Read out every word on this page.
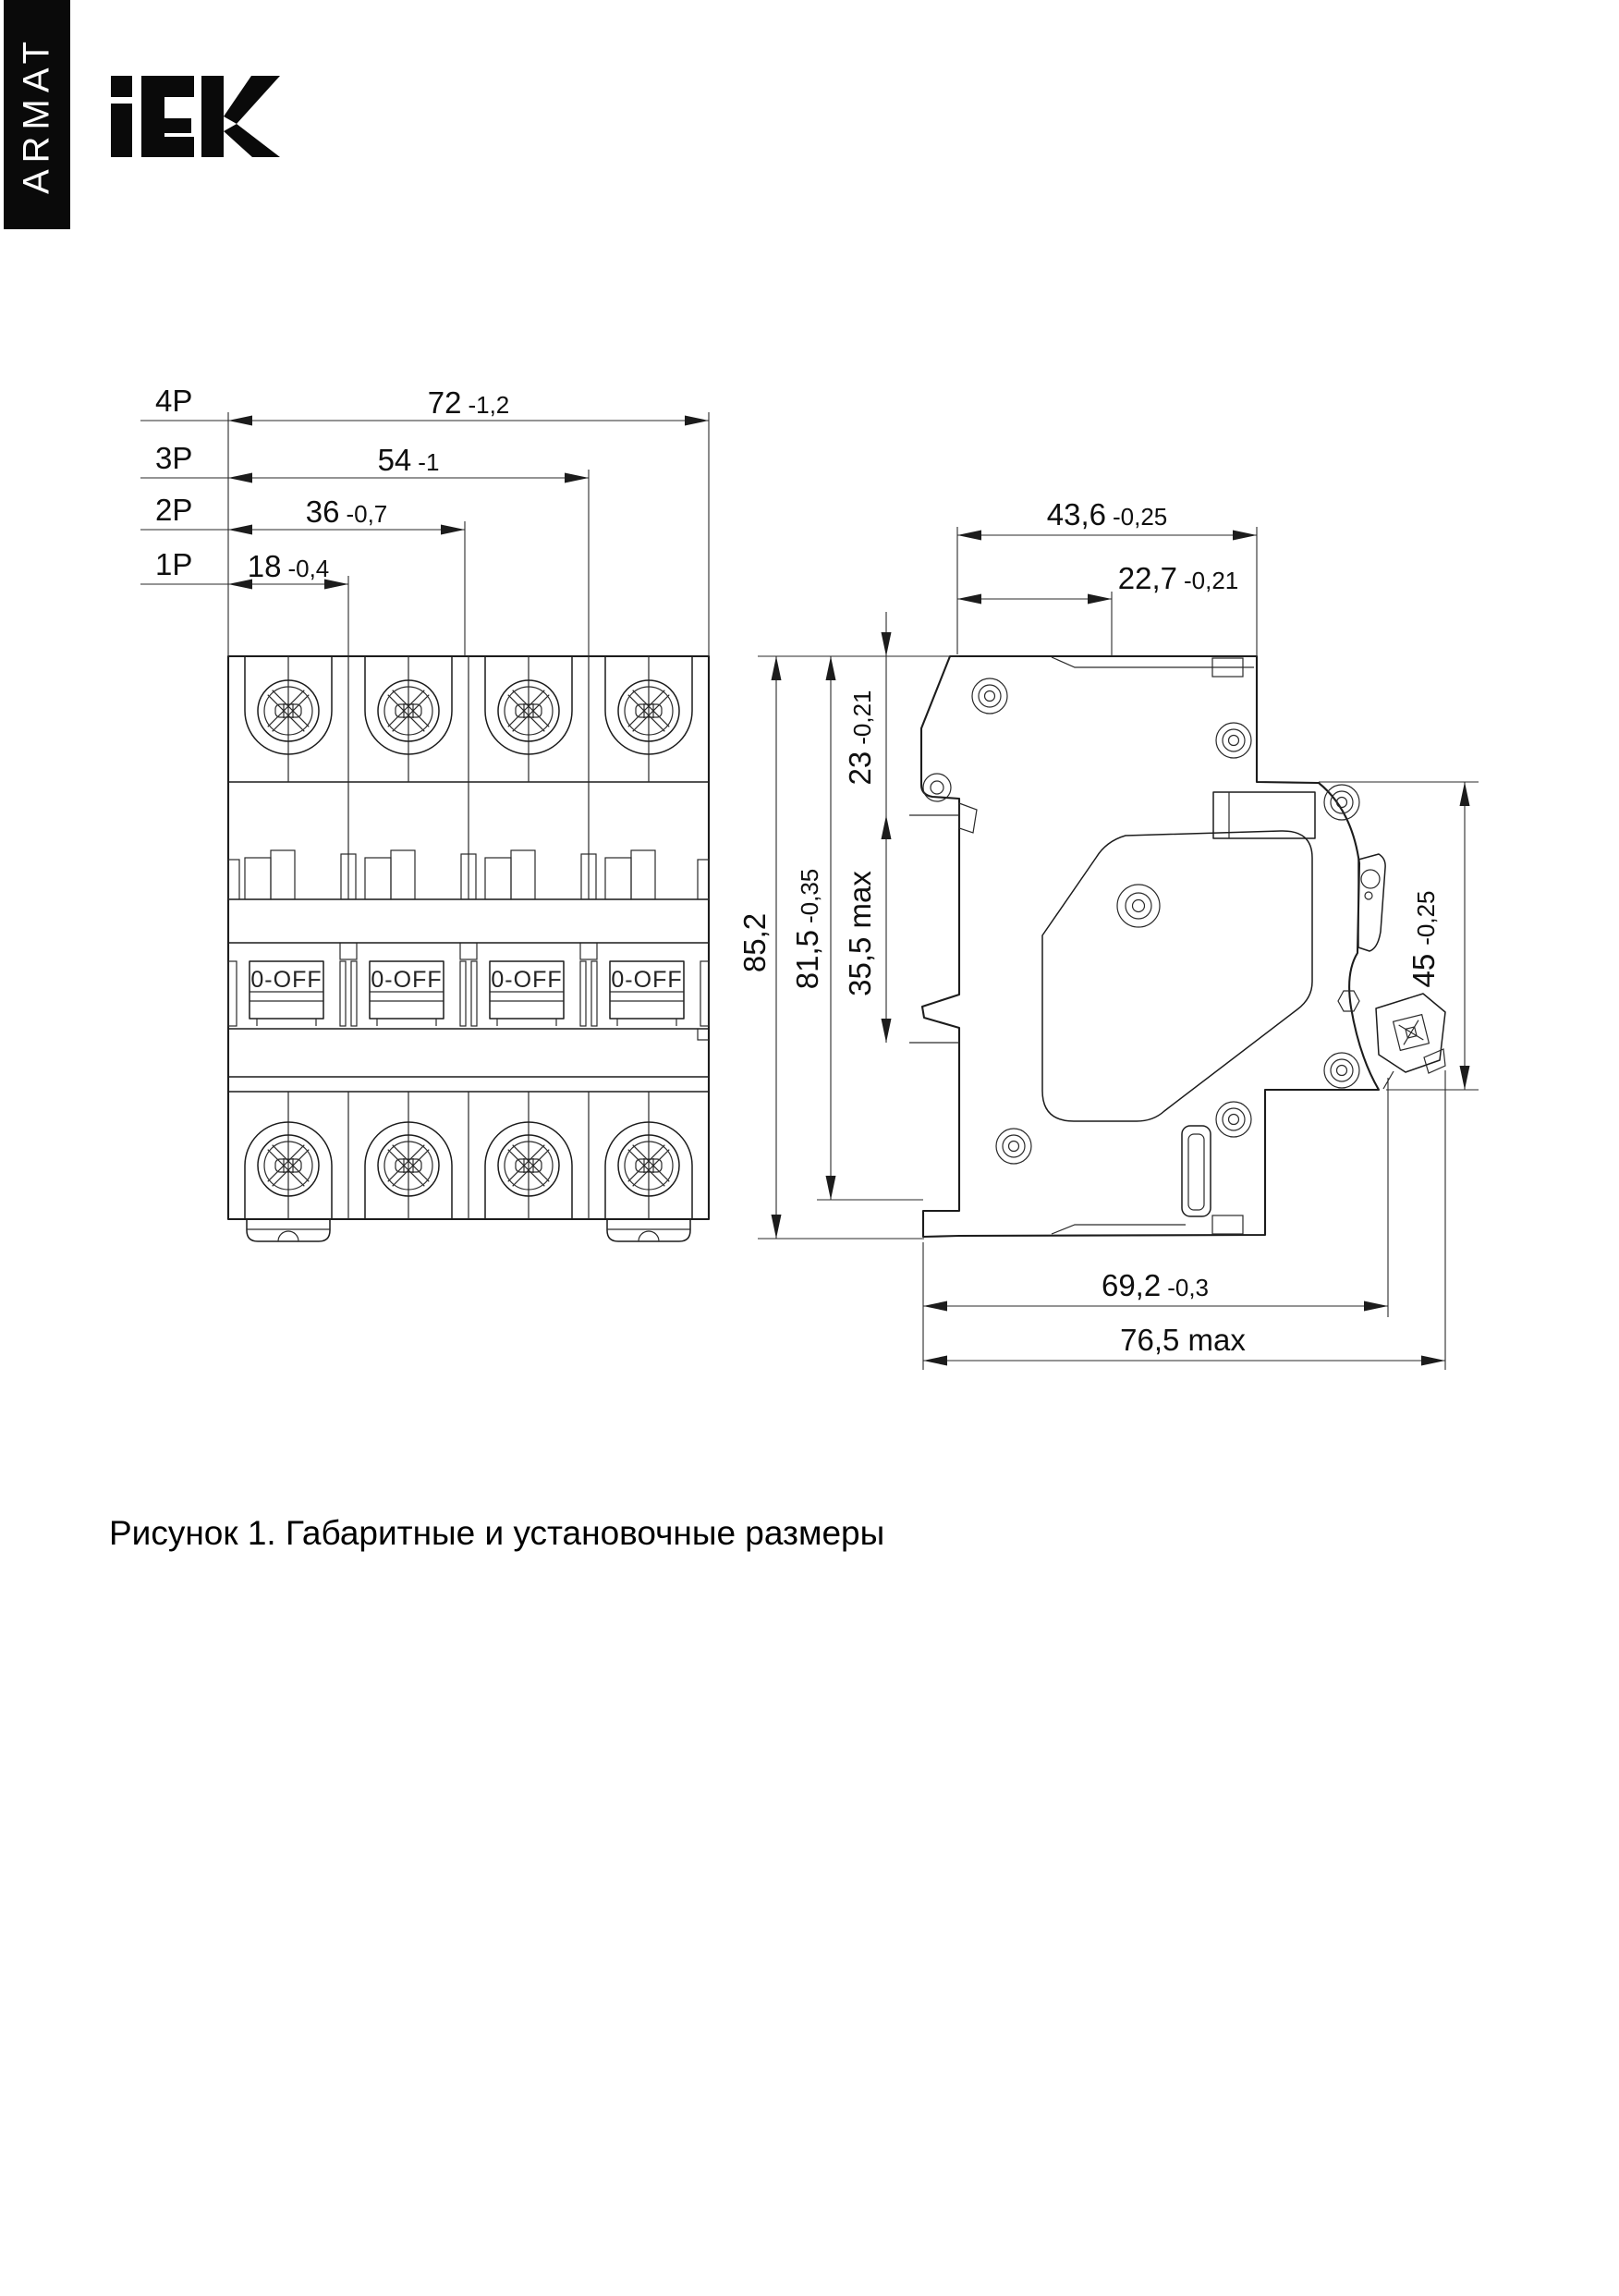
ARMAT
0-OFF 0-OFF 0-OFF 0-OFF
4P
3P
2P
1P
72 -1,2
54 -1
36 -0,7
18 -0,4
43,6 -0,25
22,7 -0,21
85,2 81,5-0,35
23-0,21
35,5 max	45-0,25
69,2 -0,3
76,5 max
Рисунок 1. Габаритные и установочные размеры
